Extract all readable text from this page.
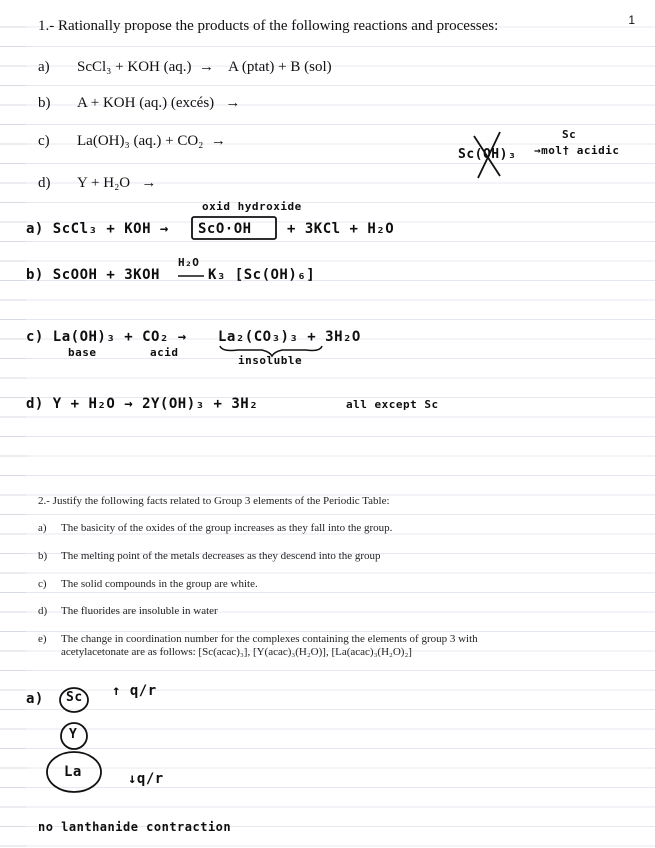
1
1.- Rationally propose the products of the following reactions and processes:
a) ScCl₃ + KOH (aq.)  →    A (ptat) + B (sol)
b) A + KOH (aq.) (excés)   →
c) La(OH)₃ (aq.) + CO₂  →
d) Y + H₂O   →
Sc(OH)₃
Sc
→mol† acidic
oxid hydroxide
a) ScCl₃ + KOH → ScO·OH	+ 3KCl + H₂O
H₂O
b) ScOOH + 3KOH	K₃ [Sc(OH)₆]
c) La(OH)₃ + CO₂ → La₂(CO₃)₃ + 3H₂O
base	acid
insoluble
d) Y + H₂O → 2Y(OH)₃ + 3H₂	all except Sc
2.- Justify the following facts related to Group 3 elements of the Periodic Table:
a) The basicity of the oxides of the group increases as they fall into the group.
b) The melting point of the metals decreases as they descend into the group
c) The solid compounds in the group are white.
d) The fluorides are insoluble in water
e) The change in coordination number for the complexes containing the elements of group 3 with
acetylacetonate are as follows: [Sc(acac)₃], [Y(acac)₃(H₂O)], [La(acac)₃(H₂O)₂]
a) Sc
Y
La
↑ q/r
↓q/r
no lanthanide contraction
